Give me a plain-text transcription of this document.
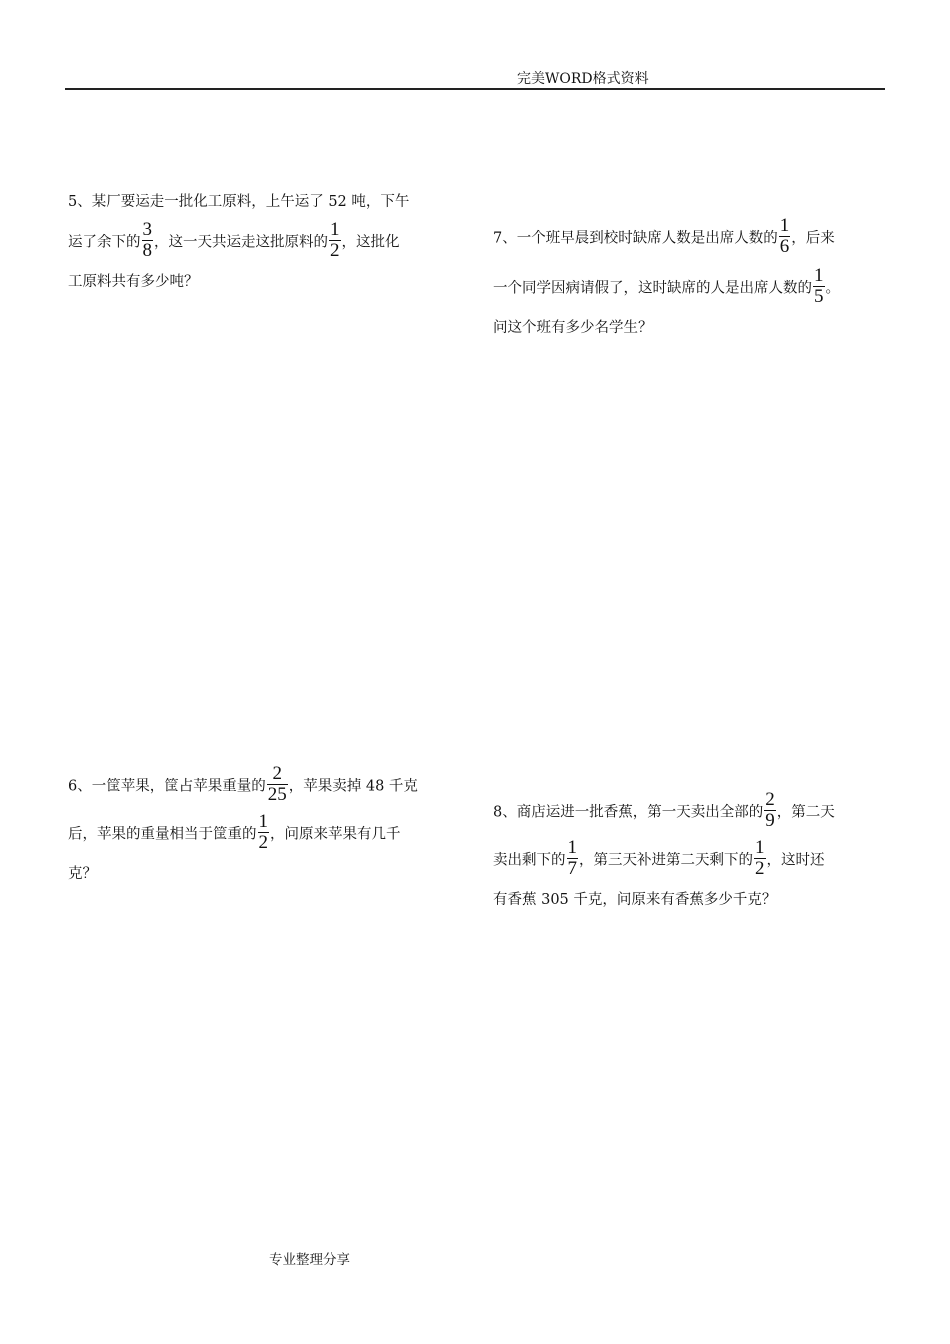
完美WORD格式资料
5、某厂要运走一批化工原料，上午运了 52 吨，下午
运了余下的 $\frac{3}{8}$ ，这一天共运走这批原料的 $\frac{1}{2}$ ，这批化
工原料共有多少吨？
7、一个班早晨到校时缺席人数是出席人数的 $\frac{1}{6}$ ，后来
一个同学因病请假了，这时缺席的人是出席人数的 $\frac{1}{5}$ 。
问这个班有多少名学生？
6、一筐苹果，筐占苹果重量的 $\frac{2}{25}$ ，苹果卖掉 48 千克
后，苹果的重量相当于筐重的 $\frac{1}{2}$ ，问原来苹果有几千
克？
8、商店运进一批香蕉，第一天卖出全部的 $\frac{2}{9}$ ，第二天
卖出剩下的 $\frac{1}{7}$ ，第三天补进第二天剩下的 $\frac{1}{2}$ ，这时还
有香蕉 305 千克，问原来有香蕉多少千克？
专业整理分享
